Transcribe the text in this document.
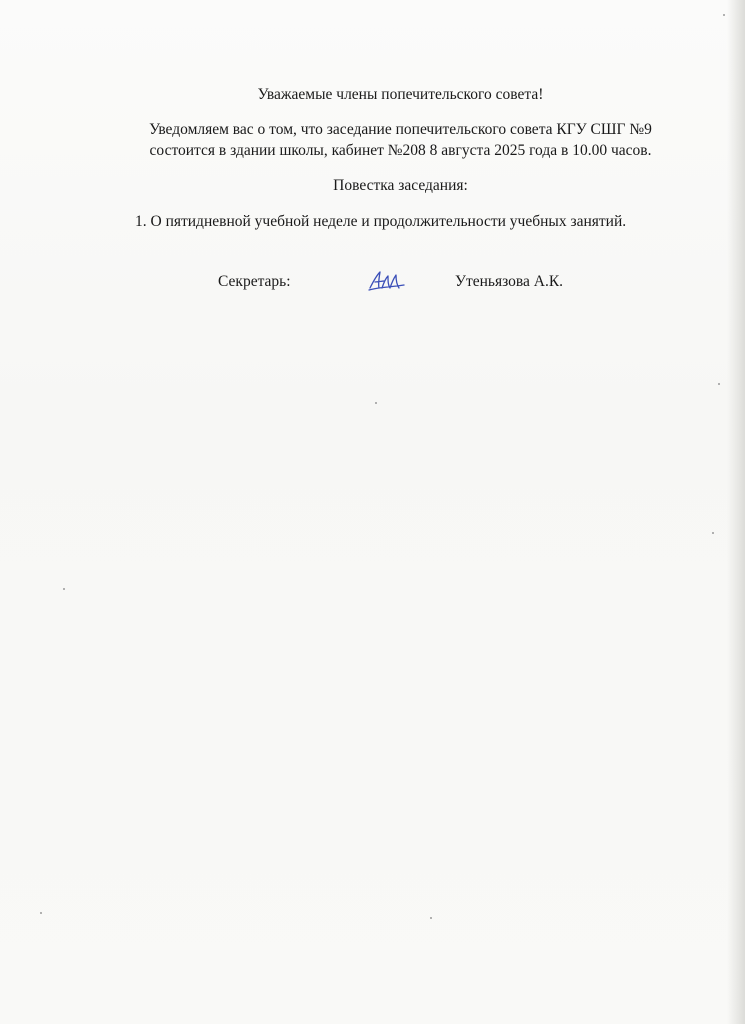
Уважаемые члены попечительского совета!
Уведомляем вас о том, что заседание попечительского совета КГУ СШГ №9
состоится в здании школы, кабинет №208 8 августа 2025 года в 10.00 часов.
Повестка заседания:
1. О пятидневной учебной неделе и продолжительности учебных занятий.
Секретарь:	Утеньязова А.К.
